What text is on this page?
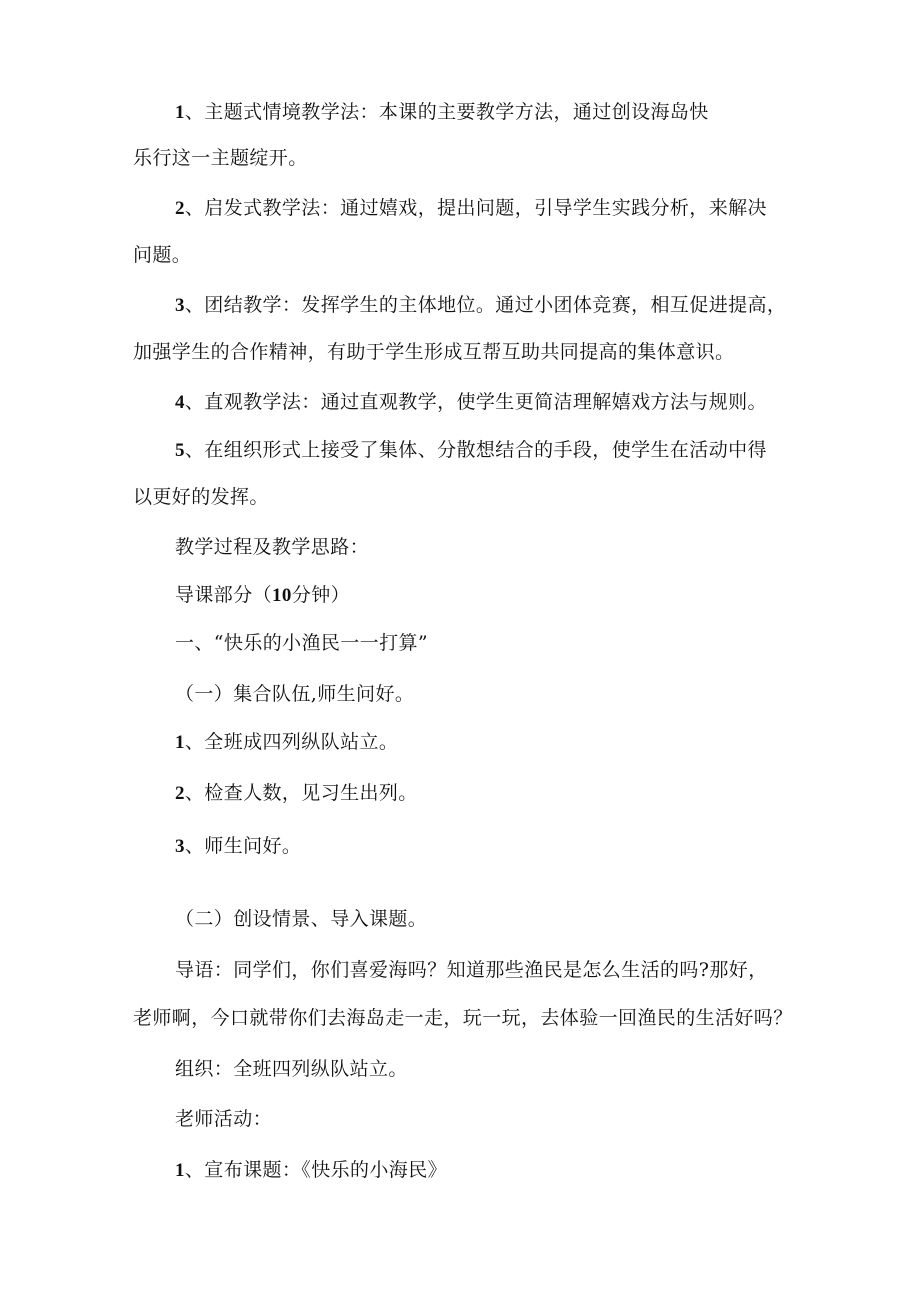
1、主题式情境教学法：本课的主要教学方法，通过创设海岛快
乐行这一主题绽开。
2、启发式教学法：通过嬉戏，提出问题，引导学生实践分析，来解决
问题。
3、团结教学：发挥学生的主体地位。通过小团体竞赛，相互促进提高，
加强学生的合作精神，有助于学生形成互帮互助共同提高的集体意识。
4、直观教学法：通过直观教学，使学生更简洁理解嬉戏方法与规则。
5、在组织形式上接受了集体、分散想结合的手段，使学生在活动中得
以更好的发挥。
教学过程及教学思路：
导课部分（10分钟）
一、“快乐的小渔民一一打算”
（一）集合队伍,师生问好。
1、全班成四列纵队站立。
2、检查人数，见习生出列。
3、师生问好。
（二）创设情景、导入课题。
导语：同学们，你们喜爱海吗？知道那些渔民是怎么生活的吗?那好，
老师啊，今口就带你们去海岛走一走，玩一玩，去体验一回渔民的生活好吗？
组织：全班四列纵队站立。
老师活动：
1、宣布课题：《快乐的小海民》
